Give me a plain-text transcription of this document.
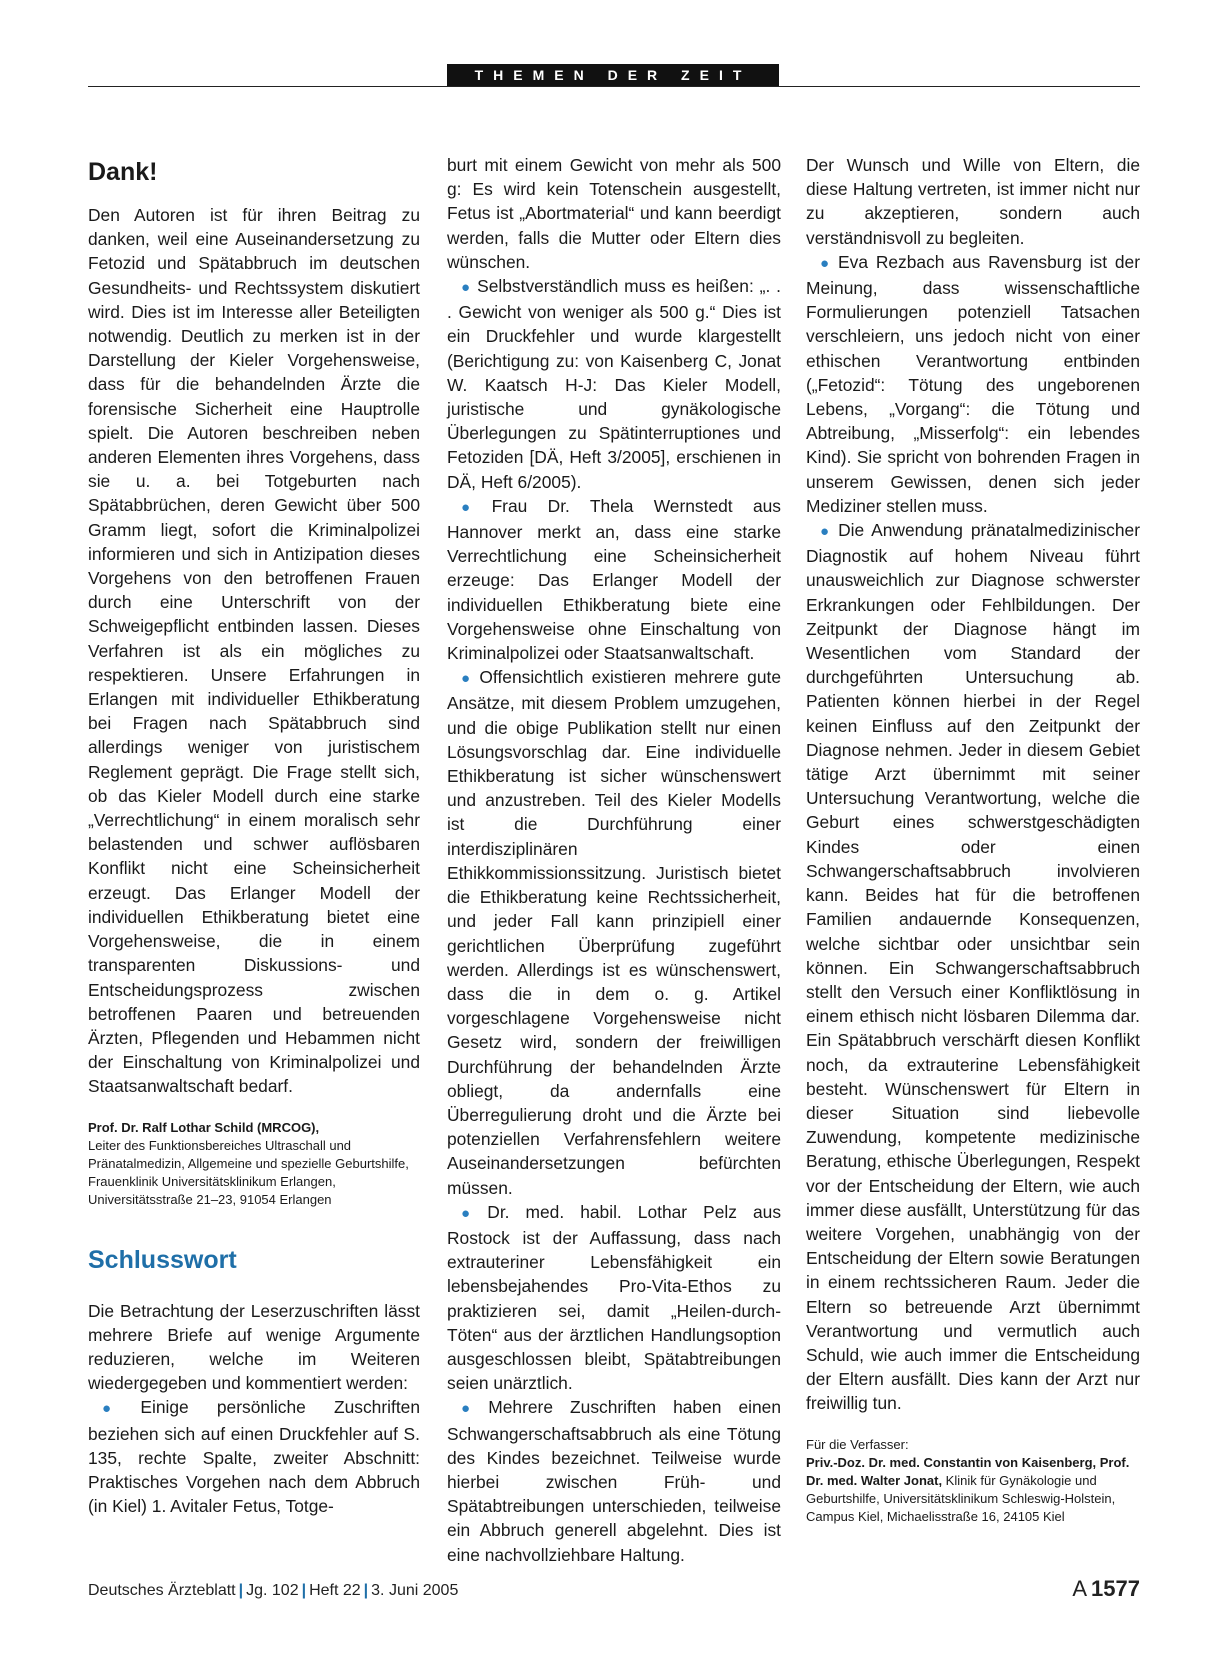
THEMEN DER ZEIT
Dank!

Den Autoren ist für ihren Beitrag zu danken, weil eine Auseinandersetzung zu Fetozid und Spätabbruch im deutschen Gesundheits- und Rechtssystem diskutiert wird. Dies ist im Interesse aller Beteiligten notwendig. Deutlich zu merken ist in der Darstellung der Kieler Vorgehensweise, dass für die behandelnden Ärzte die forensische Sicherheit eine Hauptrolle spielt. Die Autoren beschreiben neben anderen Elementen ihres Vorgehens, dass sie u. a. bei Totgeburten nach Spätabbrüchen, deren Gewicht über 500 Gramm liegt, sofort die Kriminalpolizei informieren und sich in Antizipation dieses Vorgehens von den betroffenen Frauen durch eine Unterschrift von der Schweigepflicht entbinden lassen. Dieses Verfahren ist als ein mögliches zu respektieren. Unsere Erfahrungen in Erlangen mit individueller Ethikberatung bei Fragen nach Spätabbruch sind allerdings weniger von juristischem Reglement geprägt. Die Frage stellt sich, ob das Kieler Modell durch eine starke „Verrechtlichung“ in einem moralisch sehr belastenden und schwer auflösbaren Konflikt nicht eine Scheinsicherheit erzeugt. Das Erlanger Modell der individuellen Ethikberatung bietet eine Vorgehensweise, die in einem transparenten Diskussions- und Entscheidungsprozess zwischen betroffenen Paaren und betreuenden Ärzten, Pflegenden und Hebammen nicht der Einschaltung von Kriminalpolizei und Staatsanwaltschaft bedarf.

Prof. Dr. Ralf Lothar Schild (MRCOG),
Leiter des Funktionsbereiches Ultraschall und Pränatalmedizin, Allgemeine und spezielle Geburtshilfe, Frauenklinik Universitätsklinikum Erlangen, Universitätsstraße 21–23, 91054 Erlangen
Schlusswort

Die Betrachtung der Leserzuschriften lässt mehrere Briefe auf wenige Argumente reduzieren, welche im Weiteren wiedergegeben und kommentiert werden:

● Einige persönliche Zuschriften beziehen sich auf einen Druckfehler auf S. 135, rechte Spalte, zweiter Abschnitt: Praktisches Vorgehen nach dem Abbruch (in Kiel) 1. Avitaler Fetus, Totge-

burt mit einem Gewicht von mehr als 500 g: Es wird kein Totenschein ausgestellt, Fetus ist „Abortmaterial“ und kann beerdigt werden, falls die Mutter oder Eltern dies wünschen.

● Selbstverständlich muss es heißen: „. . . Gewicht von weniger als 500 g.“ Dies ist ein Druckfehler und wurde klargestellt (Berichtigung zu: von Kaisenberg C, Jonat W. Kaatsch H-J: Das Kieler Modell, juristische und gynäkologische Überlegungen zu Spätinterruptiones und Fetoziden [DÄ, Heft 3/2005], erschienen in DÄ, Heft 6/2005).

● Frau Dr. Thela Wernstedt aus Hannover merkt an, dass eine starke Verrechtlichung eine Scheinsicherheit erzeuge: Das Erlanger Modell der individuellen Ethikberatung biete eine Vorgehensweise ohne Einschaltung von Kriminalpolizei oder Staatsanwaltschaft.

● Offensichtlich existieren mehrere gute Ansätze, mit diesem Problem umzugehen, und die obige Publikation stellt nur einen Lösungsvorschlag dar. Eine individuelle Ethikberatung ist sicher wünschenswert und anzustreben. Teil des Kieler Modells ist die Durchführung einer interdisziplinären Ethikkommissionssitzung. Juristisch bietet die Ethikberatung keine Rechtssicherheit, und jeder Fall kann prinzipiell einer gerichtlichen Überprüfung zugeführt werden. Allerdings ist es wünschenswert, dass die in dem o. g. Artikel vorgeschlagene Vorgehensweise nicht Gesetz wird, sondern der freiwilligen Durchführung der behandelnden Ärzte obliegt, da andernfalls eine Überregulierung droht und die Ärzte bei potenziellen Verfahrensfehlern weitere Auseinandersetzungen befürchten müssen.

● Dr. med. habil. Lothar Pelz aus Rostock ist der Auffassung, dass nach extrauteriner Lebensfähigkeit ein lebensbejahendes Pro-Vita-Ethos zu praktizieren sei, damit „Heilen-durch-Töten“ aus der ärztlichen Handlungsoption ausgeschlossen bleibt, Spätabtreibungen seien unärztlich.

● Mehrere Zuschriften haben einen Schwangerschaftsabbruch als eine Tötung des Kindes bezeichnet. Teilweise wurde hierbei zwischen Früh- und Spätabtreibungen unterschieden, teilweise ein Abbruch generell abgelehnt. Dies ist eine nachvollziehbare Haltung.

Der Wunsch und Wille von Eltern, die diese Haltung vertreten, ist immer nicht nur zu akzeptieren, sondern auch verständnisvoll zu begleiten.

● Eva Rezbach aus Ravensburg ist der Meinung, dass wissenschaftliche Formulierungen potenziell Tatsachen verschleiern, uns jedoch nicht von einer ethischen Verantwortung entbinden („Fetozid“: Tötung des ungeborenen Lebens, „Vorgang“: die Tötung und Abtreibung, „Misserfolg“: ein lebendes Kind). Sie spricht von bohrenden Fragen in unserem Gewissen, denen sich jeder Mediziner stellen muss.

● Die Anwendung pränatalmedizinischer Diagnostik auf hohem Niveau führt unausweichlich zur Diagnose schwerster Erkrankungen oder Fehlbildungen. Der Zeitpunkt der Diagnose hängt im Wesentlichen vom Standard der durchgeführten Untersuchung ab. Patienten können hierbei in der Regel keinen Einfluss auf den Zeitpunkt der Diagnose nehmen. Jeder in diesem Gebiet tätige Arzt übernimmt mit seiner Untersuchung Verantwortung, welche die Geburt eines schwerstgeschädigten Kindes oder einen Schwangerschaftsabbruch involvieren kann. Beides hat für die betroffenen Familien andauernde Konsequenzen, welche sichtbar oder unsichtbar sein können. Ein Schwangerschaftsabbruch stellt den Versuch einer Konfliktlösung in einem ethisch nicht lösbaren Dilemma dar. Ein Spätabbruch verschärft diesen Konflikt noch, da extrauterine Lebensfähigkeit besteht. Wünschenswert für Eltern in dieser Situation sind liebevolle Zuwendung, kompetente medizinische Beratung, ethische Überlegungen, Respekt vor der Entscheidung der Eltern, wie auch immer diese ausfällt, Unterstützung für das weitere Vorgehen, unabhängig von der Entscheidung der Eltern sowie Beratungen in einem rechtssicheren Raum. Jeder die Eltern so betreuende Arzt übernimmt Verantwortung und vermutlich auch Schuld, wie auch immer die Entscheidung der Eltern ausfällt. Dies kann der Arzt nur freiwillig tun.

Für die Verfasser:
Priv.-Doz. Dr. med. Constantin von Kaisenberg, Prof. Dr. med. Walter Jonat, Klinik für Gynäkologie und Geburtshilfe, Universitätsklinikum Schleswig-Holstein, Campus Kiel, Michaelisstraße 16, 24105 Kiel
Deutsches Ärzteblatt | Jg. 102 | Heft 22 | 3. Juni 2005	A 1577
